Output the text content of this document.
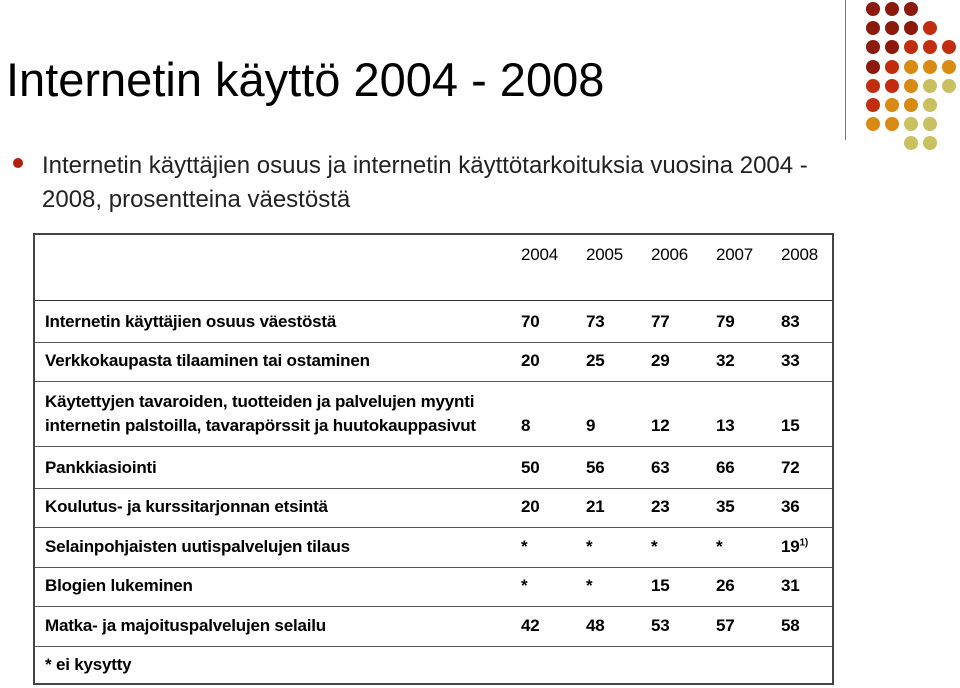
Internetin käyttö 2004 - 2008
Internetin käyttäjien osuus ja internetin käyttötarkoituksia vuosina 2004 - 2008, prosentteina väestöstä
2004 2005 2006 2007 2008
Internetin käyttäjien osuus väestöstä	70	73	77	79	83
Verkkokaupasta tilaaminen tai ostaminen	20	25	29	32	33
Käytettyjen tavaroiden, tuotteiden ja palvelujen myynti
internetin palstoilla, tavarapörssit ja huutokauppasivut	8	9	12	13	15
Pankkiasiointi	50	56	63	66	72
Koulutus- ja kurssitarjonnan etsintä	20	21	23	35	36
Selainpohjaisten uutispalvelujen tilaus	*	*	*	*	19$^{1)}$
Blogien lukeminen	*	*	15	26	31
Matka- ja majoituspalvelujen selailu	42	48	53	57	58
* ei kysytty
